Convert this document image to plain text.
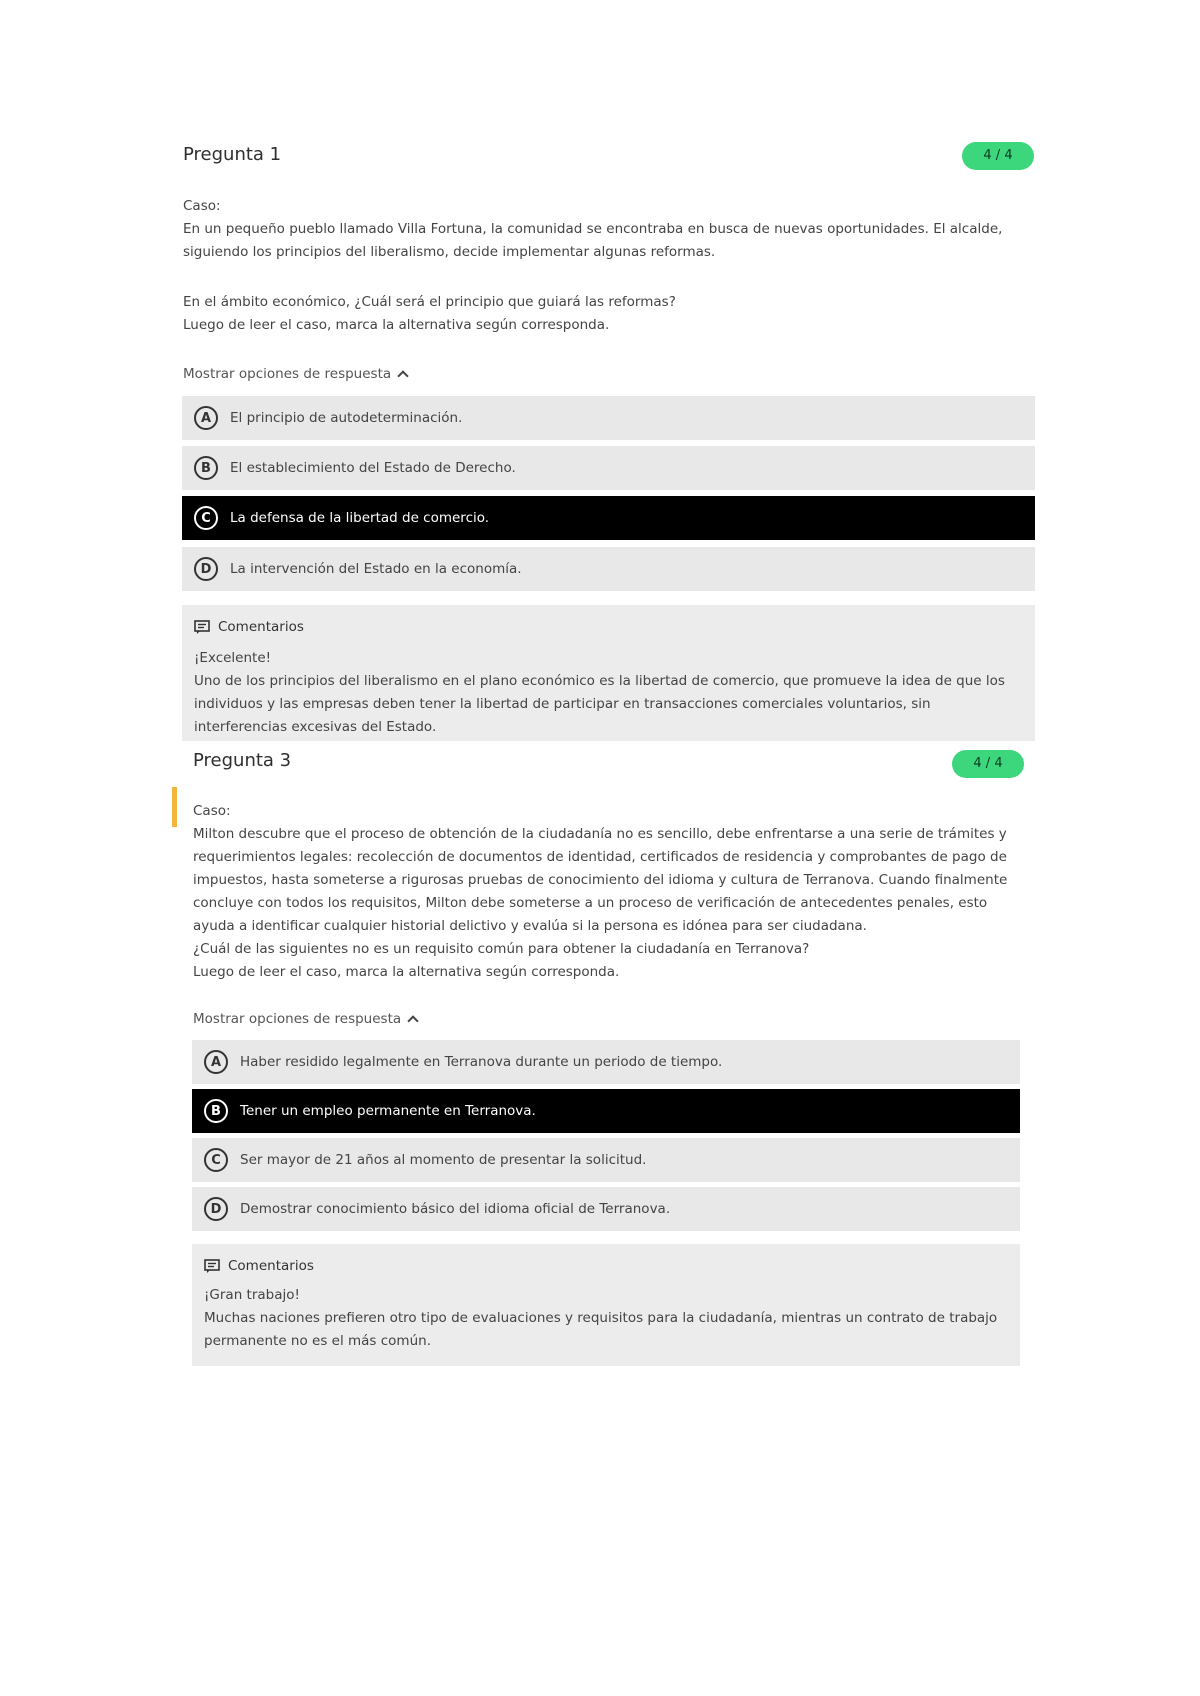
Pregunta 1	4 / 4

Caso:

En un pequeño pueblo llamado Villa Fortuna, la comunidad se encontraba en busca de nuevas oportunidades. El alcalde, siguiendo los principios del liberalismo, decide implementar algunas reformas.

En el ámbito económico, ¿Cuál será el principio que guiará las reformas?

Luego de leer el caso, marca la alternativa según corresponda.

Mostrar opciones de respuesta
A	El principio de autodeterminación.
B	El establecimiento del Estado de Derecho.
C	La defensa de la libertad de comercio.
D	La intervención del Estado en la economía.
Comentarios

¡Excelente!

Uno de los principios del liberalismo en el plano económico es la libertad de comercio, que promueve la idea de que los individuos y las empresas deben tener la libertad de participar en transacciones comerciales voluntarios, sin interferencias excesivas del Estado.

4 / 4
Pregunta 3

Caso:

Milton descubre que el proceso de obtención de la ciudadanía no es sencillo, debe enfrentarse a una serie de trámites y requerimientos legales: recolección de documentos de identidad, certificados de residencia y comprobantes de pago de impuestos, hasta someterse a rigurosas pruebas de conocimiento del idioma y cultura de Terranova. Cuando finalmente concluye con todos los requisitos, Milton debe someterse a un proceso de verificación de antecedentes penales, esto ayuda a identificar cualquier historial delictivo y evalúa si la persona es idónea para ser ciudadana.

¿Cuál de las siguientes no es un requisito común para obtener la ciudadanía en Terranova?

Luego de leer el caso, marca la alternativa según corresponda.

Mostrar opciones de respuesta
A	Haber residido legalmente en Terranova durante un periodo de tiempo.
B	Tener un empleo permanente en Terranova.
C	Ser mayor de 21 años al momento de presentar la solicitud.
D	Demostrar conocimiento básico del idioma oficial de Terranova.
Comentarios

¡Gran trabajo!

Muchas naciones prefieren otro tipo de evaluaciones y requisitos para la ciudadanía, mientras un contrato de trabajo permanente no es el más común.
